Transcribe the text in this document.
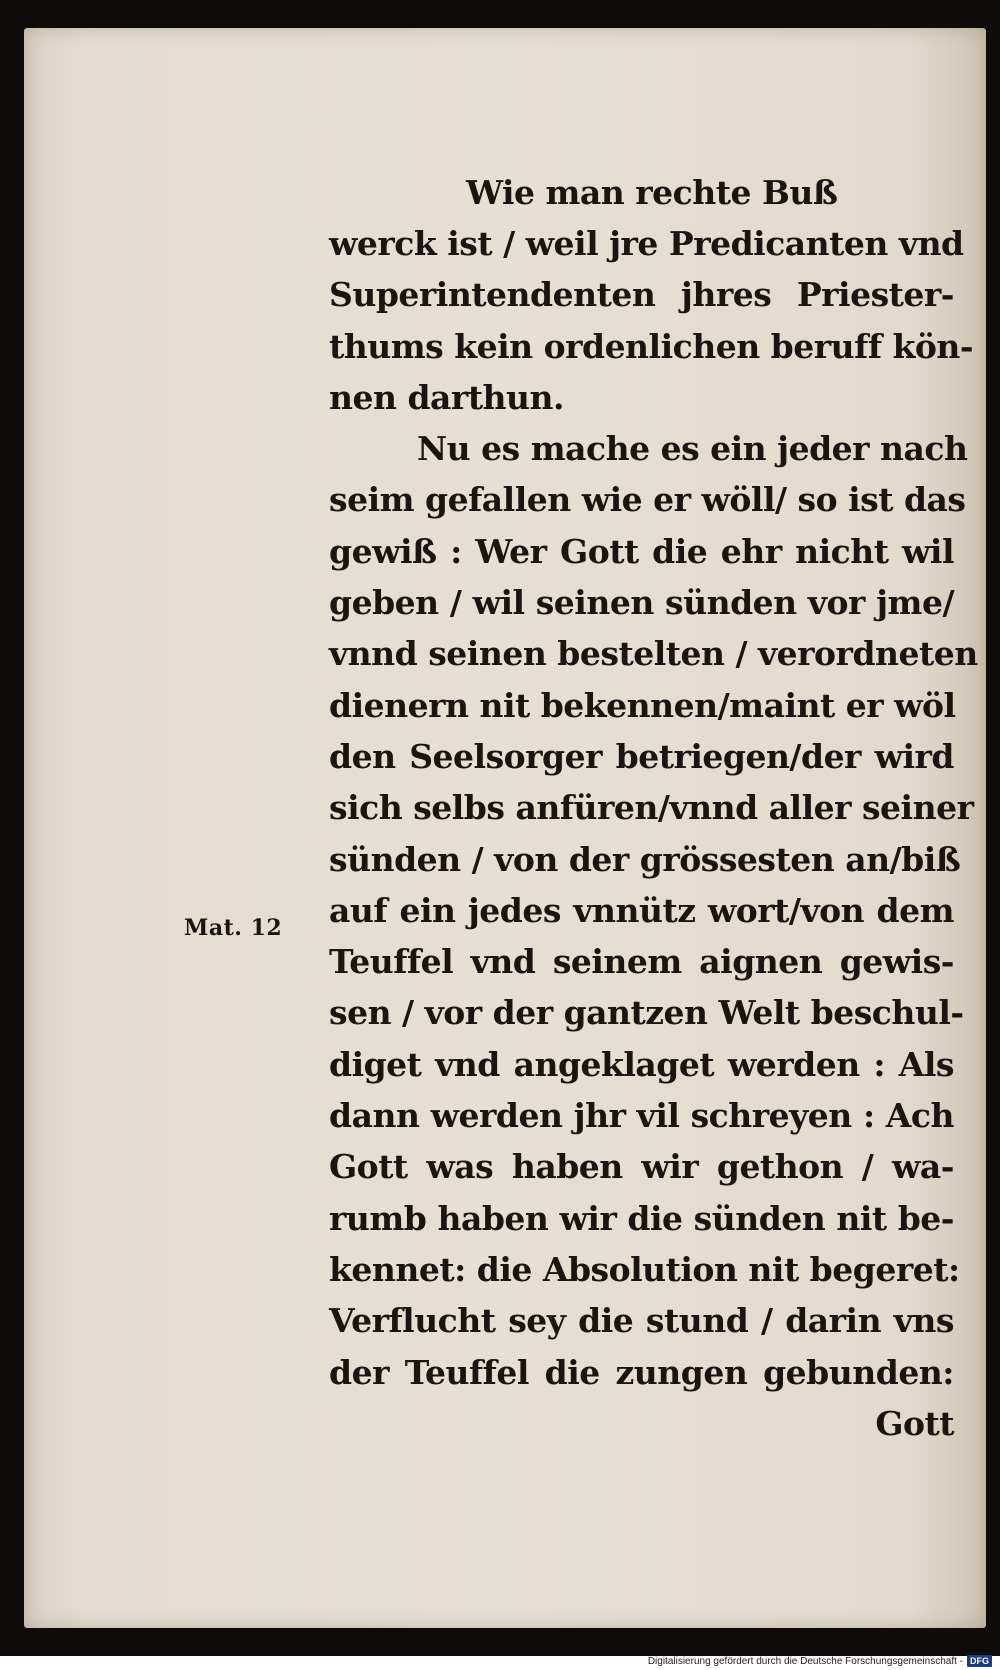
Mat. 12
Wie man rechte Buß
werck ist / weil jre Predicanten vnd
Superintendenten jhres Priester-
thums kein ordenlichen beruff kön-
nen darthun.
Nu es mache es ein jeder nach
seim gefallen wie er wöll/ so ist das
gewiß : Wer Gott die ehr nicht wil
geben / wil seinen sünden vor jme/
vnnd seinen bestelten / verordneten
dienern nit bekennen/maint er wöl
den Seelsorger betriegen/der wird
sich selbs anfüren/vnnd aller seiner
sünden / von der grössesten an/biß
auf ein jedes vnnütz wort/von dem
Teuffel vnd seinem aignen gewis-
sen / vor der gantzen Welt beschul-
diget vnd angeklaget werden : Als
dann werden jhr vil schreyen : Ach
Gott was haben wir gethon / wa-
rumb haben wir die sünden nit be-
kennet: die Absolution nit begeret:
Verflucht sey die stund / darin vns
der Teuffel die zungen gebunden:
Gott
Digitalisierung gefördert durch die Deutsche Forschungsgemeinschaft - DFG
